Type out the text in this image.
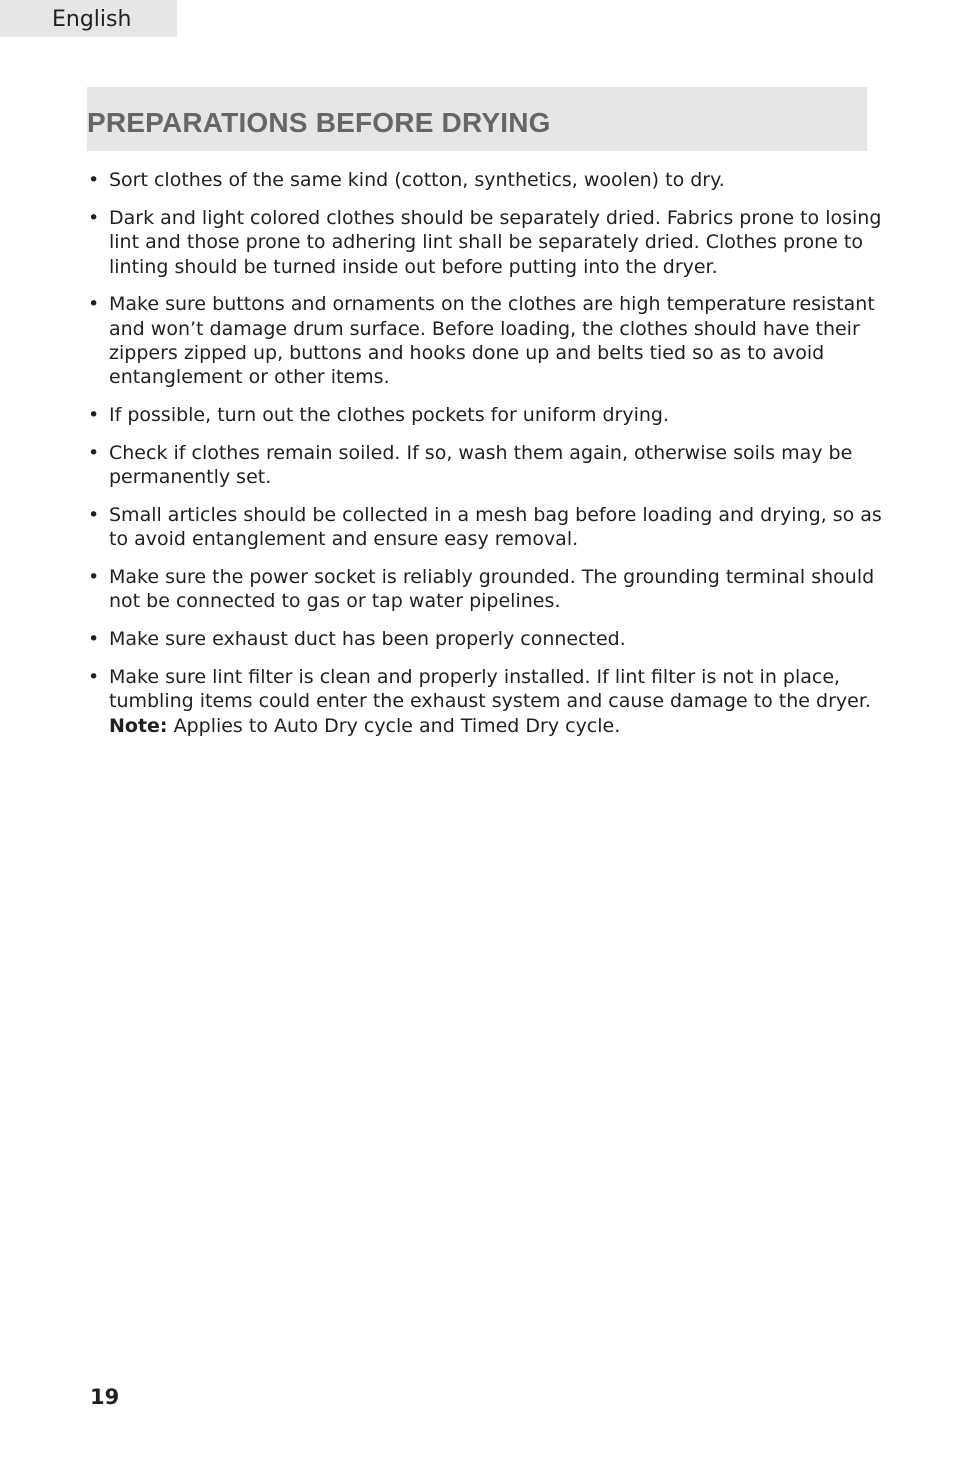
English
PREPARATIONS BEFORE DRYING
• Sort clothes of the same kind (cotton, synthetics, woolen) to dry.
• Dark and light colored clothes should be separately dried. Fabrics prone to losing lint and those prone to adhering lint shall be separately dried. Clothes prone to linting should be turned inside out before putting into the dryer.
• Make sure buttons and ornaments on the clothes are high temperature resistant and won’t damage drum surface. Before loading, the clothes should have their zippers zipped up, buttons and hooks done up and belts tied so as to avoid entanglement or other items.
• If possible, turn out the clothes pockets for uniform drying.
• Check if clothes remain soiled. If so, wash them again, otherwise soils may be permanently set.
• Small articles should be collected in a mesh bag before loading and drying, so as to avoid entanglement and ensure easy removal.
• Make sure the power socket is reliably grounded. The grounding terminal should not be connected to gas or tap water pipelines.
• Make sure exhaust duct has been properly connected.
• Make sure lint filter is clean and properly installed. If lint filter is not in place, tumbling items could enter the exhaust system and cause damage to the dryer.
Note: Applies to Auto Dry cycle and Timed Dry cycle.
19
